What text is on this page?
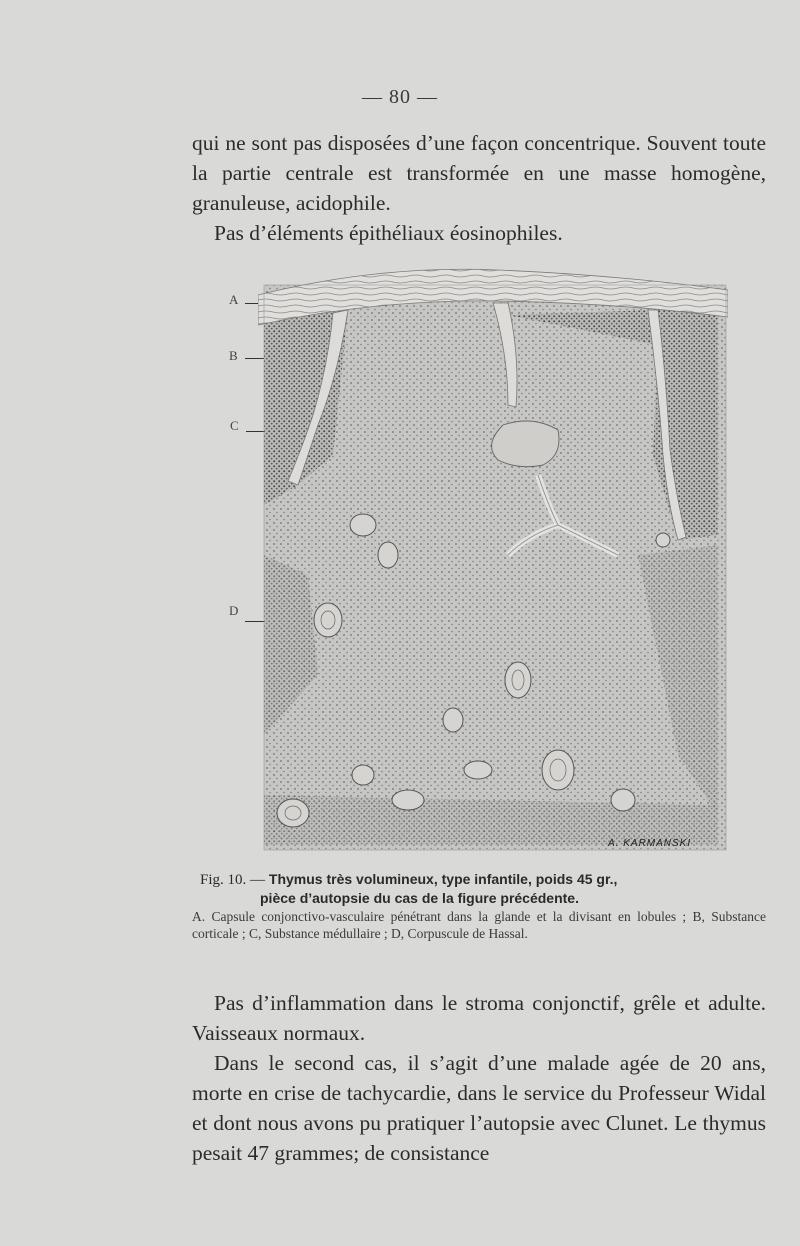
— 80 —

qui ne sont pas disposées d’une façon concentrique. Souvent toute la partie centrale est transformée en une masse homogène, granuleuse, acidophile.

Pas d’éléments épithéliaux éosinophiles.

A
B
C
D
A. KARMANSKI
Fig. 10. — Thymus très volumineux, type infantile, poids 45 gr.,
pièce d’autopsie du cas de la figure précédente.
A. Capsule conjonctivo-vasculaire pénétrant dans la glande et la divisant en lobules ; B, Substance corticale ; C, Substance médullaire ; D, Corpuscule de Hassal.

Pas d’inflammation dans le stroma conjonctif, grêle et adulte. Vaisseaux normaux.

Dans le second cas, il s’agit d’une malade agée de 20 ans, morte en crise de tachycardie, dans le service du Professeur Widal et dont nous avons pu pratiquer l’autopsie avec Clunet. Le thymus pesait 47 grammes; de consistance
